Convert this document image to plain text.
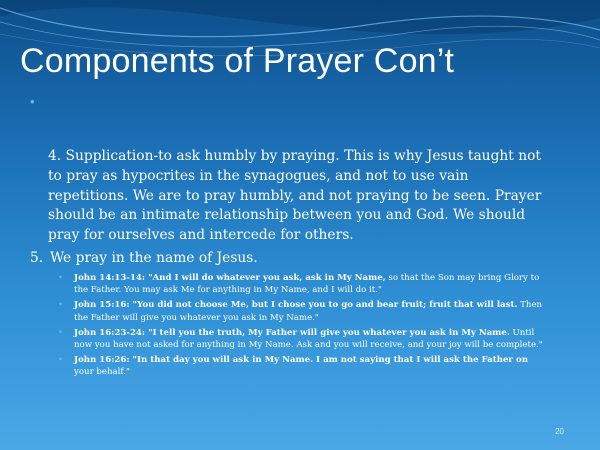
Components of Prayer Con’t
•
4. Supplication-to ask humbly by praying. This is why Jesus taught not to pray as hypocrites in the synagogues, and not to use vain repetitions. We are to pray humbly, and not praying to be seen. Prayer should be an intimate relationship between you and God. We should pray for ourselves and intercede for others.
5. We pray in the name of Jesus.
• John 14:13-14: "And I will do whatever you ask, ask in My Name, so that the Son may bring Glory to the Father. You may ask Me for anything in My Name, and I will do it."
• John 15:16: "You did not choose Me, but I chose you to go and bear fruit; fruit that will last. Then the Father will give you whatever you ask in My Name."
• John 16:23-24: "I tell you the truth, My Father will give you whatever you ask in My Name. Until now you have not asked for anything in My Name. Ask and you will receive, and your joy will be complete."
• John 16:26: "In that day you will ask in My Name. I am not saying that I will ask the Father on your behalf."
20
